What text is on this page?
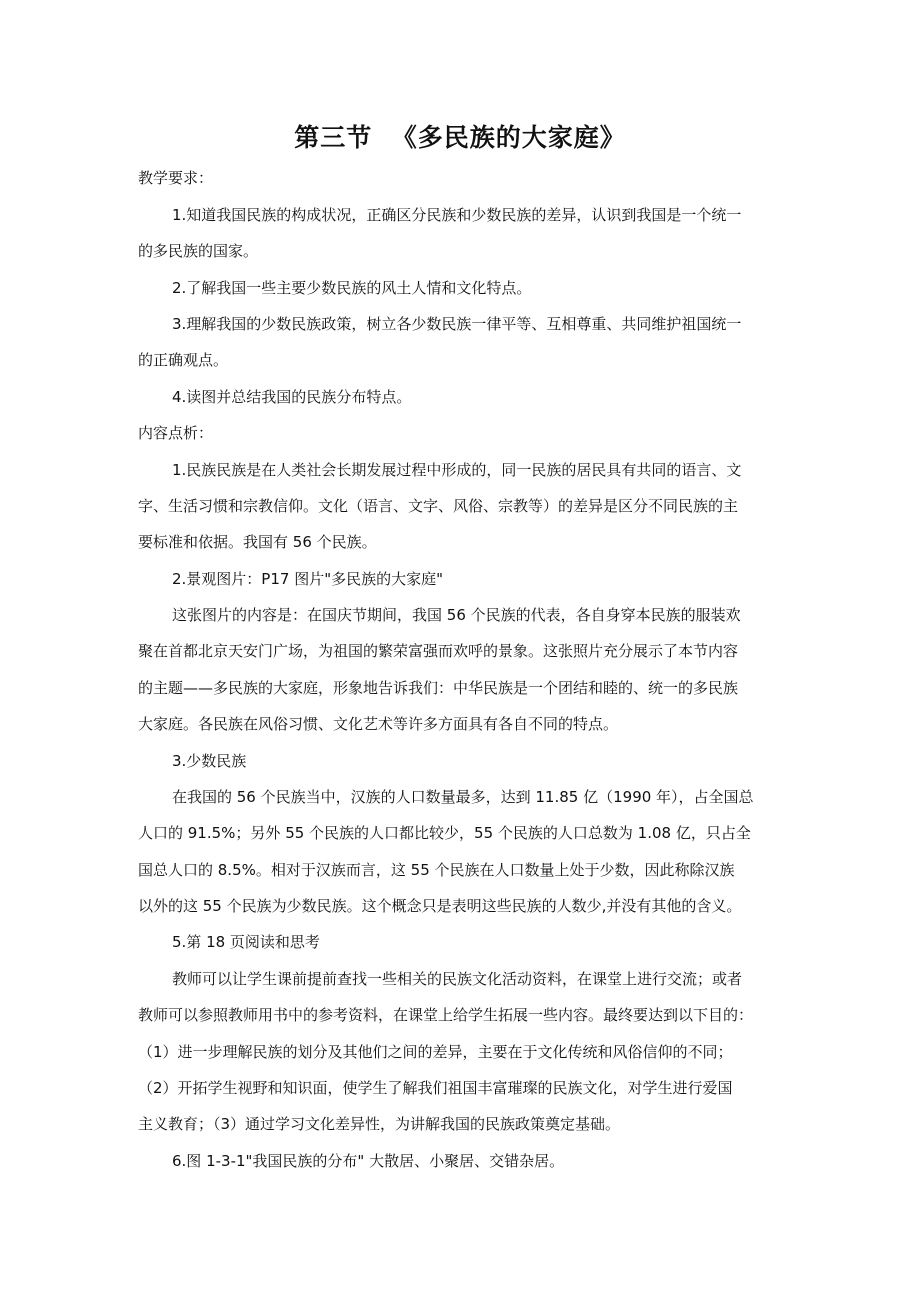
第三节  《多民族的大家庭》
教学要求：
1.知道我国民族的构成状况，正确区分民族和少数民族的差异，认识到我国是一个统一
的多民族的国家。
2.了解我国一些主要少数民族的风土人情和文化特点。
3.理解我国的少数民族政策，树立各少数民族一律平等、互相尊重、共同维护祖国统一
的正确观点。
4.读图并总结我国的民族分布特点。
内容点析：
1.民族民族是在人类社会长期发展过程中形成的，同一民族的居民具有共同的语言、文
字、生活习惯和宗教信仰。文化（语言、文字、风俗、宗教等）的差异是区分不同民族的主
要标准和依据。我国有 56 个民族。
2.景观图片：P17 图片"多民族的大家庭"
这张图片的内容是：在国庆节期间，我国 56 个民族的代表，各自身穿本民族的服装欢
聚在首都北京天安门广场，为祖国的繁荣富强而欢呼的景象。这张照片充分展示了本节内容
的主题——多民族的大家庭，形象地告诉我们：中华民族是一个团结和睦的、统一的多民族
大家庭。各民族在风俗习惯、文化艺术等许多方面具有各自不同的特点。
3.少数民族
在我国的 56 个民族当中，汉族的人口数量最多，达到 11.85 亿（1990 年），占全国总
人口的 91.5%；另外 55 个民族的人口都比较少，55 个民族的人口总数为 1.08 亿，只占全
国总人口的 8.5%。相对于汉族而言，这 55 个民族在人口数量上处于少数，因此称除汉族
以外的这 55 个民族为少数民族。这个概念只是表明这些民族的人数少,并没有其他的含义。
5.第 18 页阅读和思考
教师可以让学生课前提前查找一些相关的民族文化活动资料，在课堂上进行交流；或者
教师可以参照教师用书中的参考资料，在课堂上给学生拓展一些内容。最终要达到以下目的：
（1）进一步理解民族的划分及其他们之间的差异，主要在于文化传统和风俗信仰的不同；
（2）开拓学生视野和知识面，使学生了解我们祖国丰富璀璨的民族文化，对学生进行爱国
主义教育；（3）通过学习文化差异性，为讲解我国的民族政策奠定基础。
6.图 1-3-1"我国民族的分布" 大散居、小聚居、交错杂居。
